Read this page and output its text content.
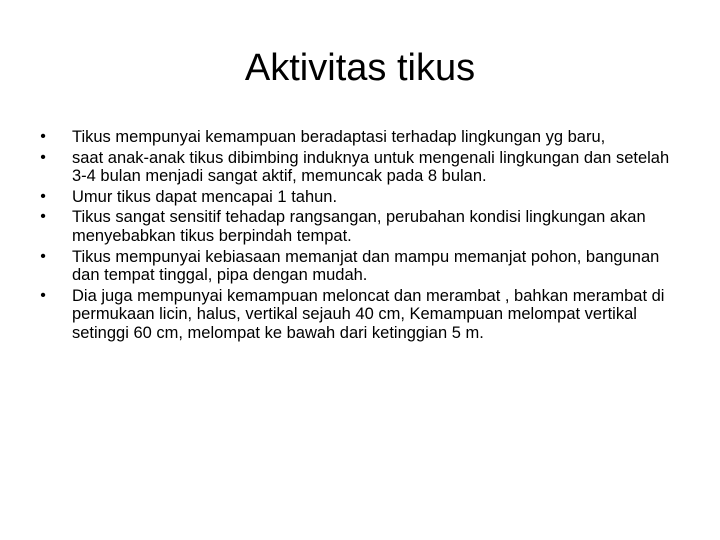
Aktivitas tikus
• Tikus mempunyai kemampuan beradaptasi terhadap lingkungan yg baru,
• saat anak-anak tikus dibimbing induknya untuk mengenali lingkungan dan setelah 3-4 bulan menjadi sangat aktif, memuncak pada 8 bulan.
• Umur tikus dapat mencapai 1 tahun.
• Tikus sangat sensitif tehadap rangsangan, perubahan kondisi lingkungan akan menyebabkan tikus berpindah tempat.
• Tikus mempunyai kebiasaan memanjat dan mampu memanjat pohon, bangunan dan tempat tinggal, pipa dengan mudah.
• Dia juga mempunyai kemampuan meloncat dan merambat , bahkan merambat di permukaan licin, halus, vertikal sejauh 40 cm, Kemampuan melompat vertikal setinggi 60 cm, melompat ke bawah dari ketinggian 5 m.
